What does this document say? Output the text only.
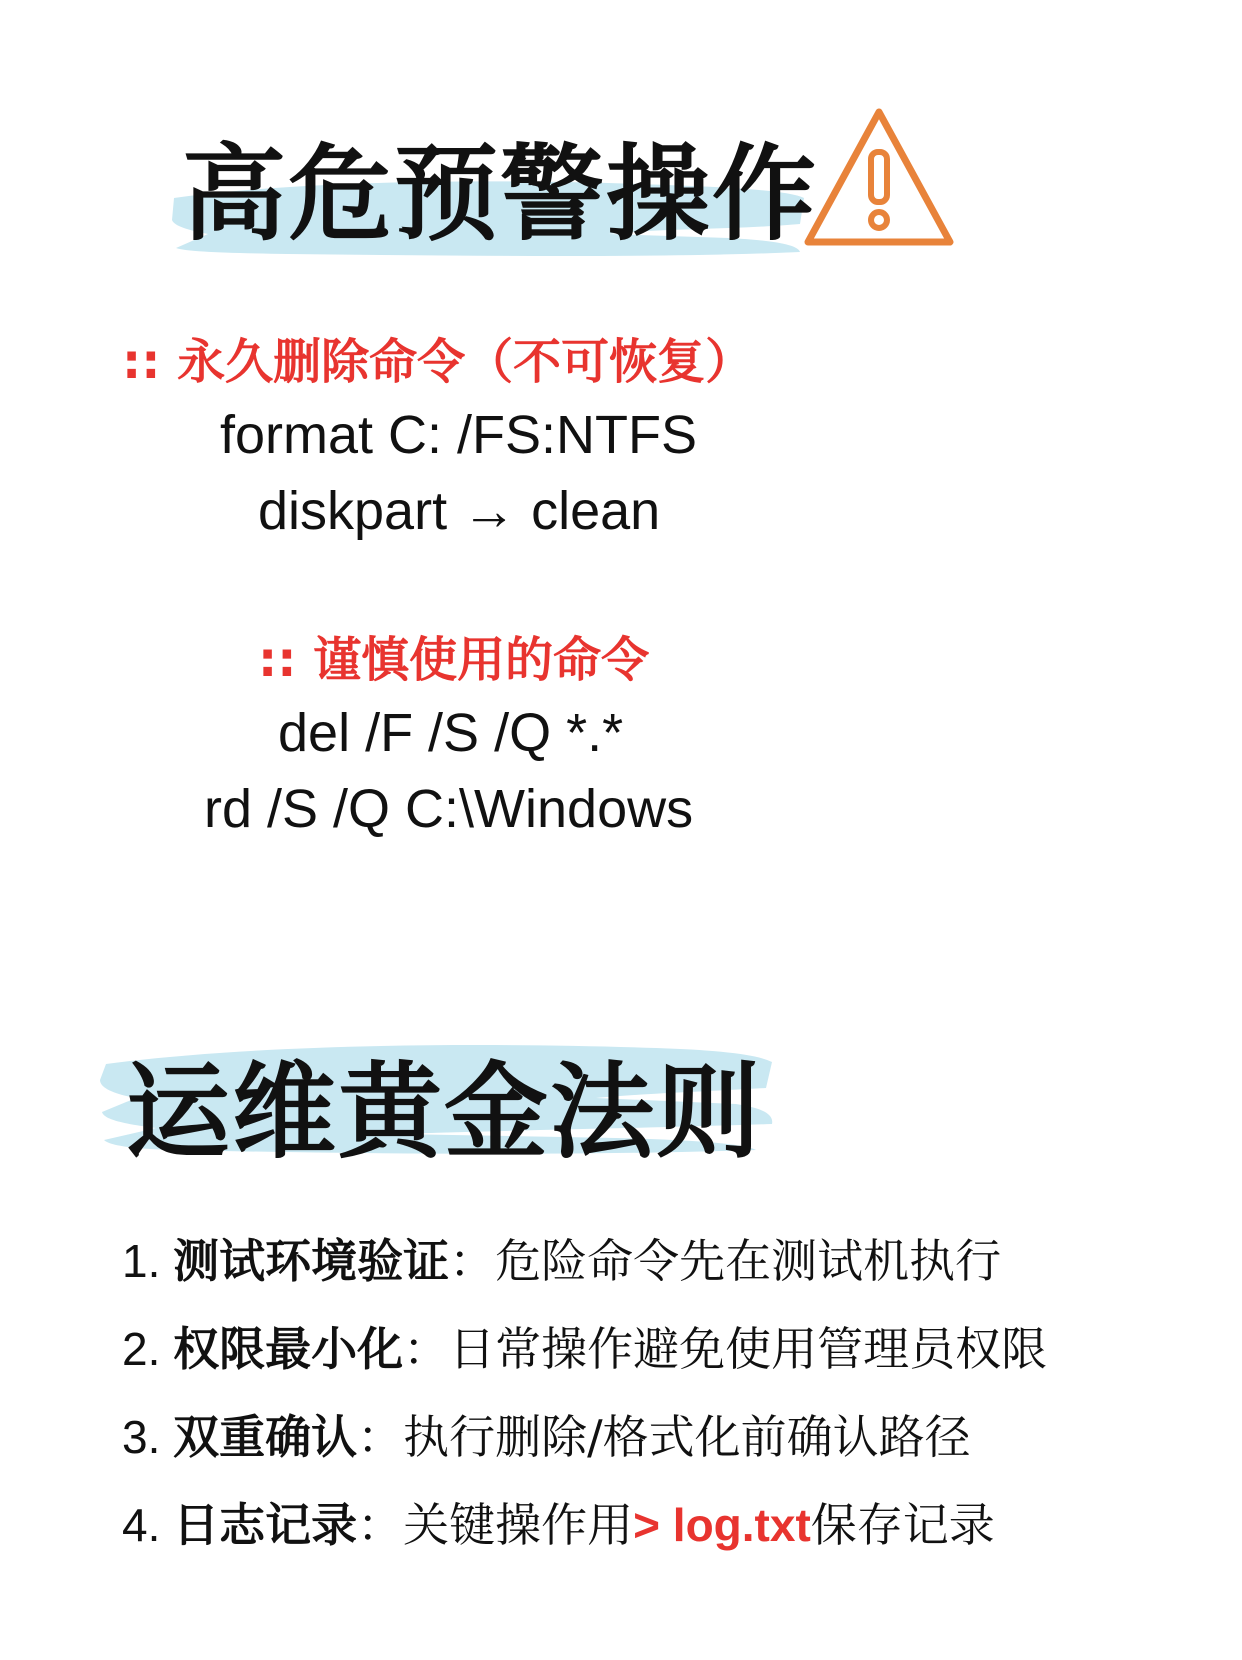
高危预警操作
:: 永久删除命令（不可恢复）
format C: /FS:NTFS
diskpart → clean
:: 谨慎使用的命令
del /F /S /Q *.*
rd /S /Q C:\Windows
运维黄金法则
1. 测试环境验证：危险命令先在测试机执行
2. 权限最小化：日常操作避免使用管理员权限
3. 双重确认：执行删除/格式化前确认路径
4. 日志记录：关键操作用> log.txt保存记录
